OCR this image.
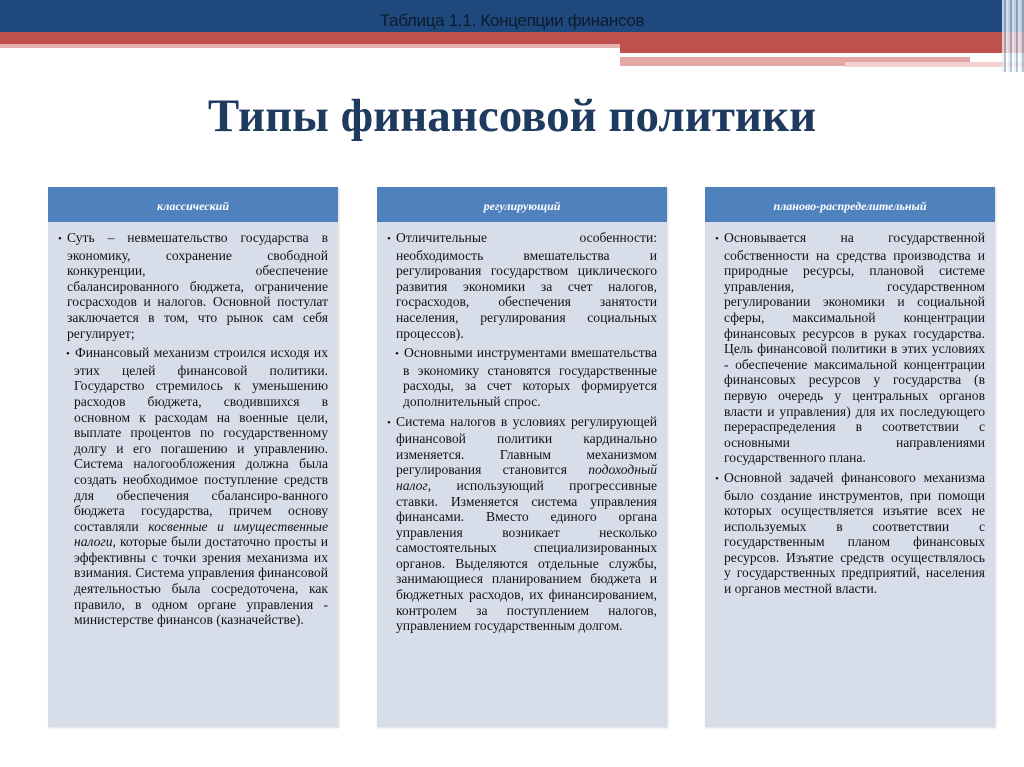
Таблица 1.1. Концепции финансов
Типы финансовой политики
классический

• Суть – невмешательство государства в экономику, сохранение свободной конкуренции, обеспечение сбалансированного бюджета, ограничение госрасходов и налогов. Основной постулат заключается в том, что рынок сам себя регулирует;

• Финансовый механизм строился исходя их этих целей финансовой политики. Государство стремилось к уменьшению расходов бюджета, сводившихся в основном к расходам на военные цели, выплате процентов по государственному долгу и его погашению и управлению. Система налогообложения должна была создать необходимое поступление средств для обеспечения сбалансиро-ванного бюджета государства, причем основу составляли косвенные и имущественные налоги, которые были достаточно просты и эффективны с точки зрения механизма их взимания. Система управления финансовой деятельностью была сосредоточена, как правило, в одном органе управления - министерстве финансов (казначействе).

регулирующий

• Отличительные особенности: необходимость вмешательства и регулирования государством циклического развития экономики за счет налогов, госрасходов, обеспечения занятости населения, регулирования социальных процессов).

• Основными инструментами вмешательства в экономику становятся государственные расходы, за счет которых формируется дополнительный спрос.

• Система налогов в условиях регулирующей финансовой политики кардинально изменяется. Главным механизмом регулирования становится подоходный налог, использующий прогрессивные ставки. Изменяется система управления финансами. Вместо единого органа управления возникает несколько самостоятельных специализированных органов. Выделяются отдельные службы, занимающиеся планированием бюджета и бюджетных расходов, их финансированием, контролем за поступлением налогов, управлением государственным долгом.

планово-распределительный

• Основывается на государственной собственности на средства производства и природные ресурсы, плановой системе управления, государственном регулировании экономики и социальной сферы, максимальной концентрации финансовых ресурсов в руках государства. Цель финансовой политики в этих условиях - обеспечение максимальной концентрации финансовых ресурсов у государства (в первую очередь у центральных органов власти и управления) для их последующего перераспределения в соответствии с основными направлениями государственного плана.

• Основной задачей финансового механизма было создание инструментов, при помощи которых осуществляется изъятие всех не используемых в соответствии с государственным планом финансовых ресурсов. Изъятие средств осуществлялось у государственных предприятий, населения и органов местной власти.
